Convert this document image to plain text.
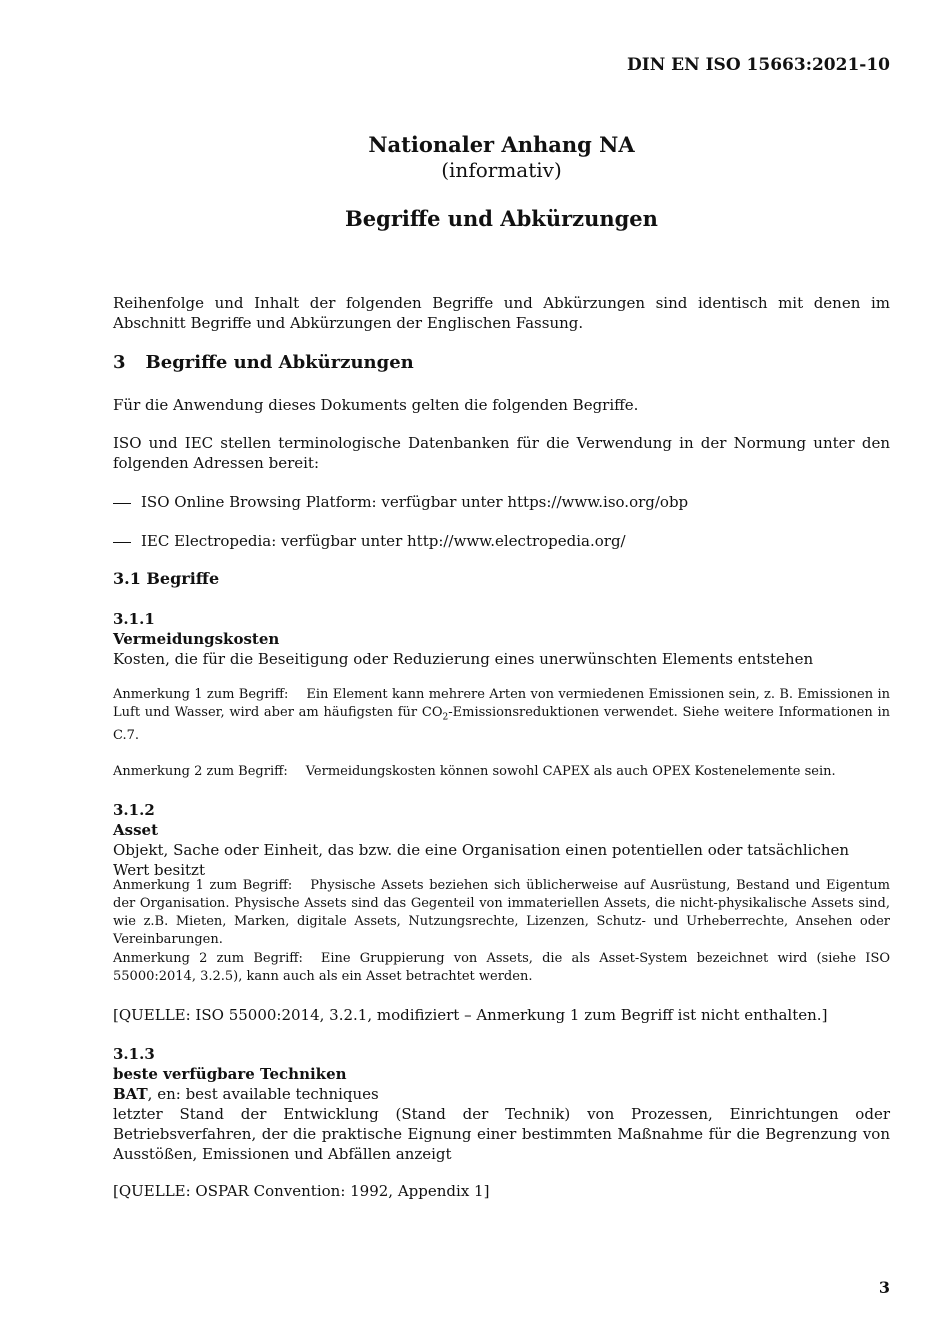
DIN EN ISO 15663:2021-10
Nationaler Anhang NA
(informativ)
Begriffe und Abkürzungen
Reihenfolge und Inhalt der folgenden Begriffe und Abkürzungen sind identisch mit denen im Abschnitt Begriffe und Abkürzungen der Englischen Fassung.
3 Begriffe und Abkürzungen
Für die Anwendung dieses Dokuments gelten die folgenden Begriffe.
ISO und IEC stellen terminologische Datenbanken für die Verwendung in der Normung unter den folgenden Adressen bereit:
ISO Online Browsing Platform: verfügbar unter https://www.iso.org/obp
IEC Electropedia: verfügbar unter http://www.electropedia.org/
3.1 Begriffe
3.1.1
Vermeidungskosten
Kosten, die für die Beseitigung oder Reduzierung eines unerwünschten Elements entstehen
Anmerkung 1 zum Begriff: Ein Element kann mehrere Arten von vermiedenen Emissionen sein, z. B. Emissionen in Luft und Wasser, wird aber am häufigsten für $CO_2$-Emissionsreduktionen verwendet. Siehe weitere Informationen in C.7.
Anmerkung 2 zum Begriff: Vermeidungskosten können sowohl CAPEX als auch OPEX Kostenelemente sein.
3.1.2
Asset
Objekt, Sache oder Einheit, das bzw. die eine Organisation einen potentiellen oder tatsächlichen Wert besitzt
Anmerkung 1 zum Begriff: Physische Assets beziehen sich üblicherweise auf Ausrüstung, Bestand und Eigentum der Organisation. Physische Assets sind das Gegenteil von immateriellen Assets, die nicht-physikalische Assets sind, wie z.B. Mieten, Marken, digitale Assets, Nutzungsrechte, Lizenzen, Schutz- und Urheberrechte, Ansehen oder Vereinbarungen.
Anmerkung 2 zum Begriff: Eine Gruppierung von Assets, die als Asset-System bezeichnet wird (siehe ISO 55000:2014, 3.2.5), kann auch als ein Asset betrachtet werden.
[QUELLE: ISO 55000:2014, 3.2.1, modifiziert – Anmerkung 1 zum Begriff ist nicht enthalten.]
3.1.3
beste verfügbare Techniken
BAT, en: best available techniques
letzter Stand der Entwicklung (Stand der Technik) von Prozessen, Einrichtungen oder Betriebsverfahren, der die praktische Eignung einer bestimmten Maßnahme für die Begrenzung von Ausstößen, Emissionen und Abfällen anzeigt
[QUELLE: OSPAR Convention: 1992, Appendix 1]
3
